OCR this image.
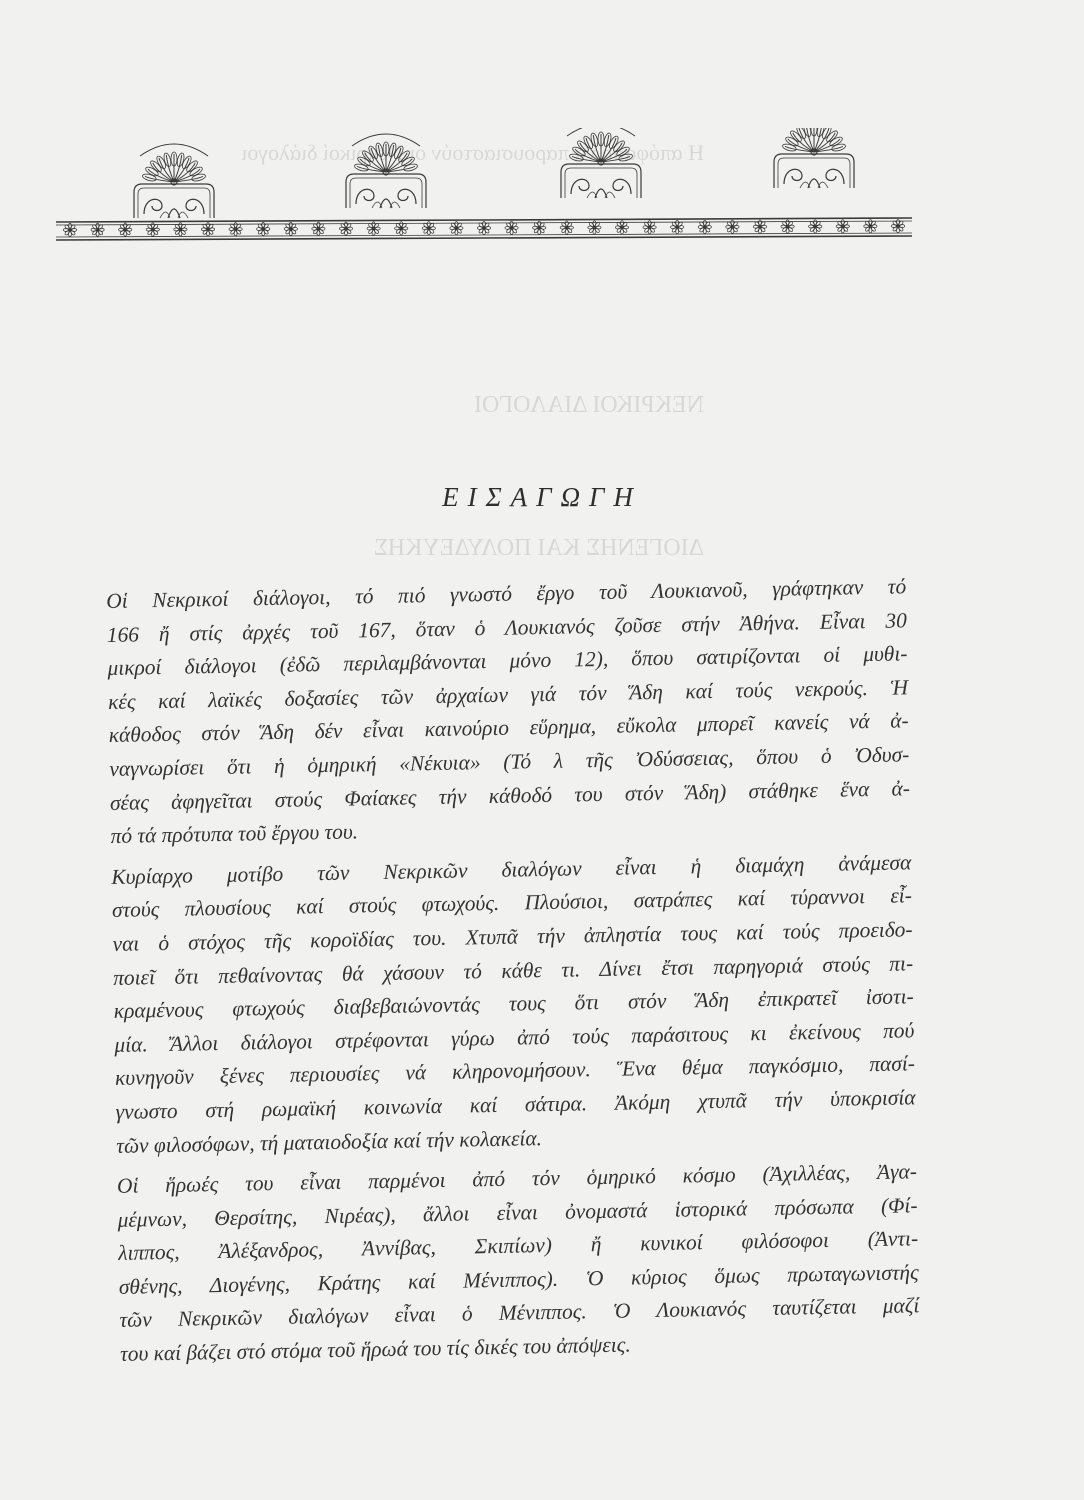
Η απόφαση να παρουσιαστούν οι Νεκρικοί διάλογοι
ΝΕΚΡΙΚΟΙ ΔΙΑΛΟΓΟΙ
ΔΙΟΓΕΝΗΣ ΚΑΙ ΠΟΛΥΔΕΥΚΗΣ
ΕΙΣΑΓΩΓΗ

Οἱ Νεκρικοί διάλογοι, τό πιό γνωστό ἔργο τοῦ Λουκιανοῦ, γράφτηκαν τό
166 ἤ στίς ἀρχές τοῦ 167, ὅταν ὁ Λουκιανός ζοῦσε στήν Ἀθήνα. Εἶναι 30
μικροί διάλογοι (ἐδῶ περιλαμβάνονται μόνο 12), ὅπου σατιρίζονται οἱ μυθι-
κές καί λαϊκές δοξασίες τῶν ἀρχαίων γιά τόν Ἅδη καί τούς νεκρούς. Ἡ
κάθοδος στόν Ἅδη δέν εἶναι καινούριο εὕρημα, εὔκολα μπορεῖ κανείς νά ἀ-
ναγνωρίσει ὅτι ἡ ὁμηρική «Νέκυια» (Τό λ τῆς Ὀδύσσειας, ὅπου ὁ Ὀδυσ-
σέας ἀφηγεῖται στούς Φαίακες τήν κάθοδό του στόν Ἅδη) στάθηκε ἕνα ἀ-
πό τά πρότυπα τοῦ ἔργου του.

Κυρίαρχο μοτίβο τῶν Νεκρικῶν διαλόγων εἶναι ἡ διαμάχη ἀνάμεσα
στούς πλουσίους καί στούς φτωχούς. Πλούσιοι, σατράπες καί τύραννοι εἶ-
ναι ὁ στόχος τῆς κοροϊδίας του. Χτυπᾶ τήν ἀπληστία τους καί τούς προειδο-
ποιεῖ ὅτι πεθαίνοντας θά χάσουν τό κάθε τι. Δίνει ἔτσι παρηγοριά στούς πι-
κραμένους φτωχούς διαβεβαιώνοντάς τους ὅτι στόν Ἅδη ἐπικρατεῖ ἰσοτι-
μία. Ἄλλοι διάλογοι στρέφονται γύρω ἀπό τούς παράσιτους κι ἐκείνους πού
κυνηγοῦν ξένες περιουσίες νά κληρονομήσουν. Ἕνα θέμα παγκόσμιο, πασί-
γνωστο στή ρωμαϊκή κοινωνία καί σάτιρα. Ἀκόμη χτυπᾶ τήν ὑποκρισία
τῶν φιλοσόφων, τή ματαιοδοξία καί τήν κολακεία.

Οἱ ἥρωές του εἶναι παρμένοι ἀπό τόν ὁμηρικό κόσμο (Ἀχιλλέας, Ἀγα-
μέμνων, Θερσίτης, Νιρέας), ἄλλοι εἶναι ὀνομαστά ἱστορικά πρόσωπα (Φί-
λιππος, Ἀλέξανδρος, Ἀννίβας, Σκιπίων) ἤ κυνικοί φιλόσοφοι (Ἀντι-
σθένης, Διογένης, Κράτης καί Μένιππος). Ὁ κύριος ὅμως πρωταγωνιστής
τῶν Νεκρικῶν διαλόγων εἶναι ὁ Μένιππος. Ὁ Λουκιανός ταυτίζεται μαζί
του καί βάζει στό στόμα τοῦ ἥρωά του τίς δικές του ἀπόψεις.
